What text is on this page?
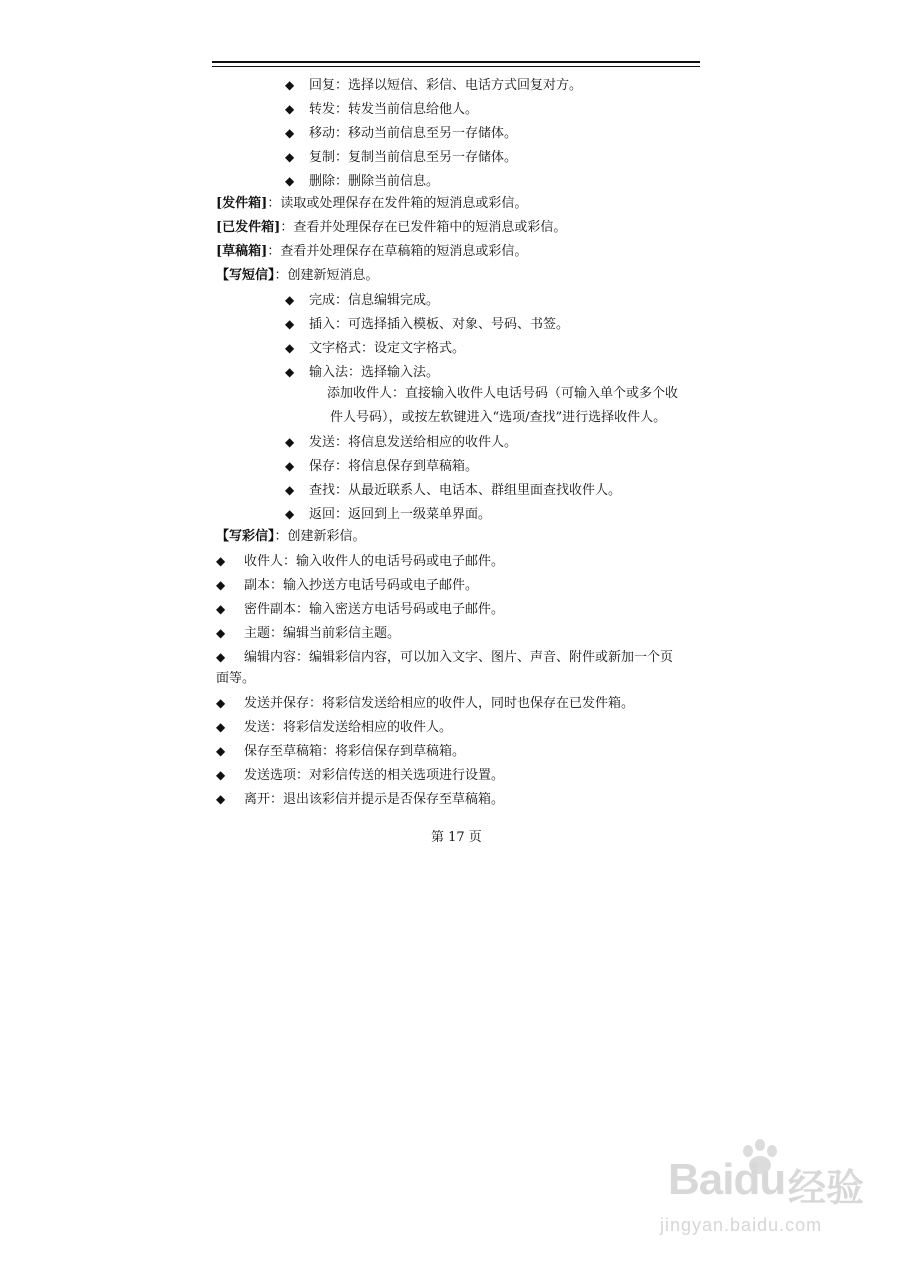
◆ 回复：选择以短信、彩信、电话方式回复对方。
◆ 转发：转发当前信息给他人。
◆ 移动：移动当前信息至另一存储体。
◆ 复制：复制当前信息至另一存储体。
◆ 删除：删除当前信息。
[发件箱]：读取或处理保存在发件箱的短消息或彩信。
[已发件箱]：查看并处理保存在已发件箱中的短消息或彩信。
[草稿箱]：查看并处理保存在草稿箱的短消息或彩信。
【写短信】：创建新短消息。
◆ 完成：信息编辑完成。
◆ 插入：可选择插入模板、对象、号码、书签。
◆ 文字格式：设定文字格式。
◆ 输入法：选择输入法。
添加收件人：直接输入收件人电话号码（可输入单个或多个收
件人号码），或按左软键进入“选项/查找”进行选择收件人。
◆ 发送：将信息发送给相应的收件人。
◆ 保存：将信息保存到草稿箱。
◆ 查找：从最近联系人、电话本、群组里面查找收件人。
◆ 返回：返回到上一级菜单界面。
【写彩信】：创建新彩信。
◆ 收件人：输入收件人的电话号码或电子邮件。
◆ 副本：输入抄送方电话号码或电子邮件。
◆ 密件副本：输入密送方电话号码或电子邮件。
◆ 主题：编辑当前彩信主题。
◆ 编辑内容：编辑彩信内容，可以加入文字、图片、声音、附件或新加一个页
面等。
◆ 发送并保存：将彩信发送给相应的收件人，同时也保存在已发件箱。
◆ 发送：将彩信发送给相应的收件人。
◆ 保存至草稿箱：将彩信保存到草稿箱。
◆ 发送选项：对彩信传送的相关选项进行设置。
◆ 离开：退出该彩信并提示是否保存至草稿箱。
第 17 页
Baidu 经验
jingyan.baidu.com
